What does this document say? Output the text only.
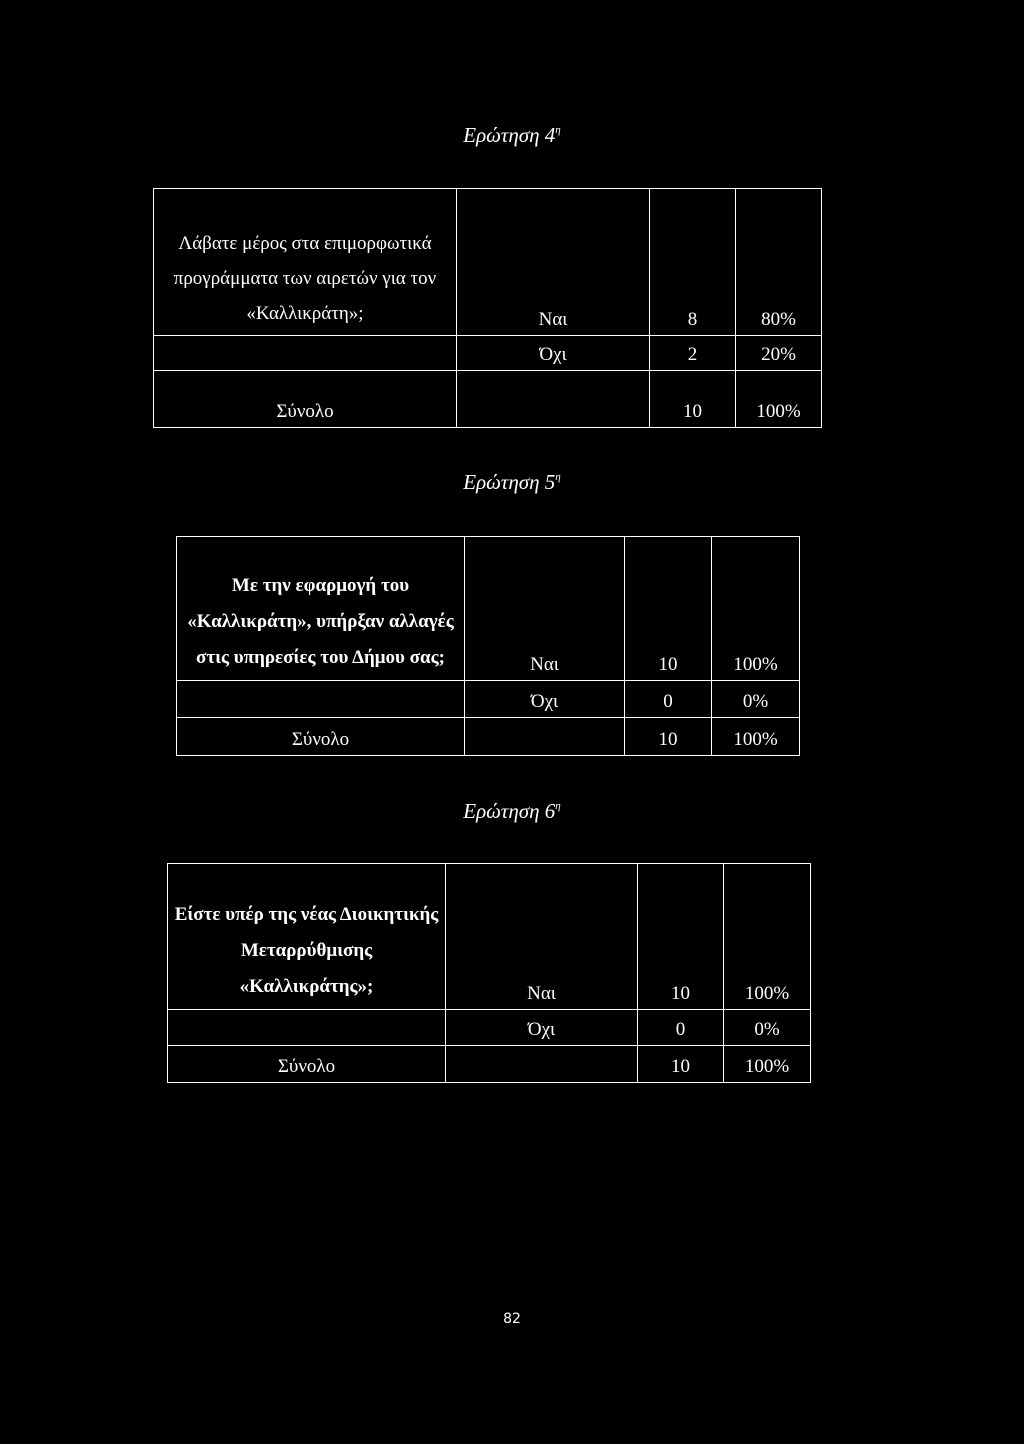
Ερώτηση $4^\eta$
Λάβατε μέρος στα επιμορφωτικά προγράμματα των αιρετών για τον «Καλλικράτη»;	Ναι	8	80%
	Όχι	2	20%
Σύνολο		10	100%
Ερώτηση $5^\eta$
Με την εφαρμογή του «Καλλικράτη», υπήρξαν αλλαγές στις υπηρεσίες του Δήμου σας;	Ναι	10	100%
	Όχι	0	0%
Σύνολο		10	100%
Ερώτηση $6^\eta$
Είστε υπέρ της νέας Διοικητικής Μεταρρύθμισης «Καλλικράτης»;	Ναι	10	100%
	Όχι	0	0%
Σύνολο		10	100%
82
